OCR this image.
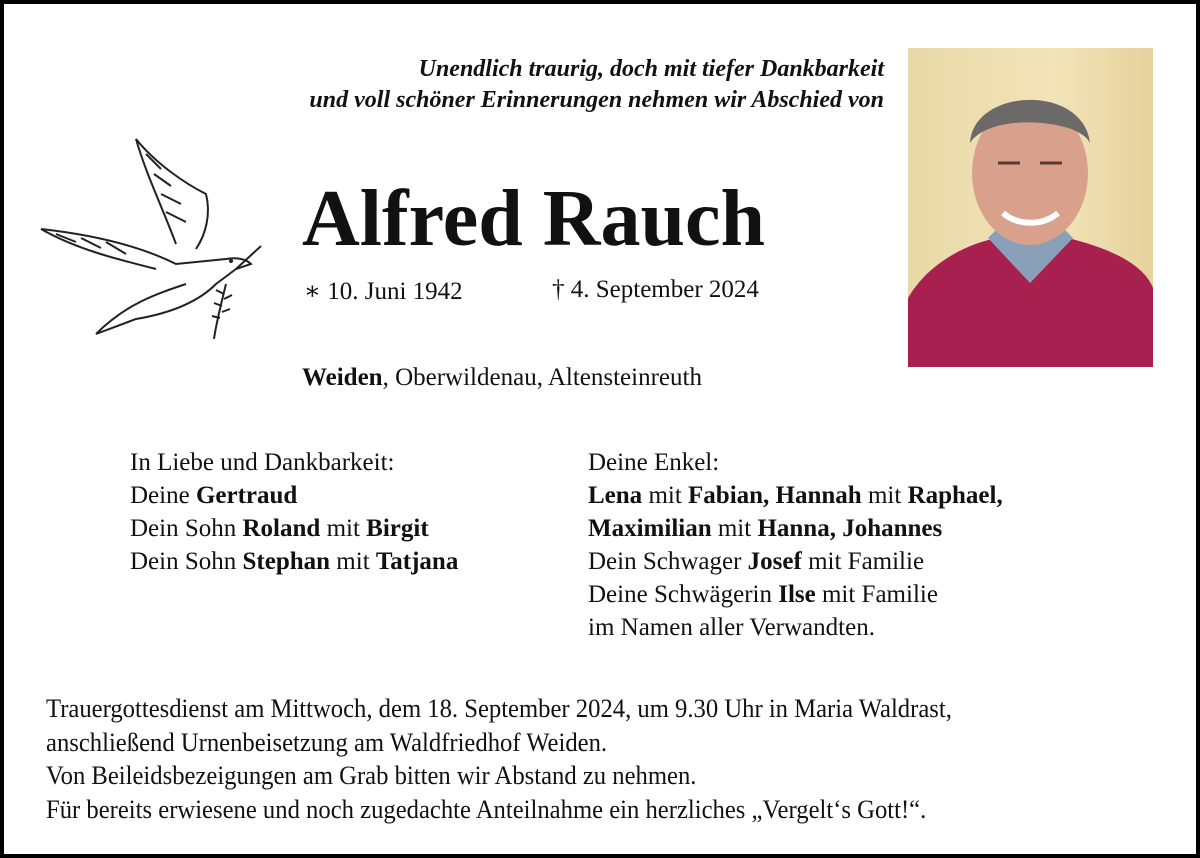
Unendlich traurig, doch mit tiefer Dankbarkeit
und voll schöner Erinnerungen nehmen wir Abschied von
Alfred Rauch
∗ 10. Juni 1942	† 4. September 2024
Weiden, Oberwildenau, Altensteinreuth
In Liebe und Dankbarkeit:
Deine Gertraud
Dein Sohn Roland mit Birgit
Dein Sohn Stephan mit Tatjana
Deine Enkel:
Lena mit Fabian, Hannah mit Raphael,
Maximilian mit Hanna, Johannes
Dein Schwager Josef mit Familie
Deine Schwägerin Ilse mit Familie
im Namen aller Verwandten.
Trauergottesdienst am Mittwoch, dem 18. September 2024, um 9.30 Uhr in Maria Waldrast,
anschließend Urnenbeisetzung am Waldfriedhof Weiden.
Von Beileidsbezeigungen am Grab bitten wir Abstand zu nehmen.
Für bereits erwiesene und noch zugedachte Anteilnahme ein herzliches „Vergelt‘s Gott!“.
